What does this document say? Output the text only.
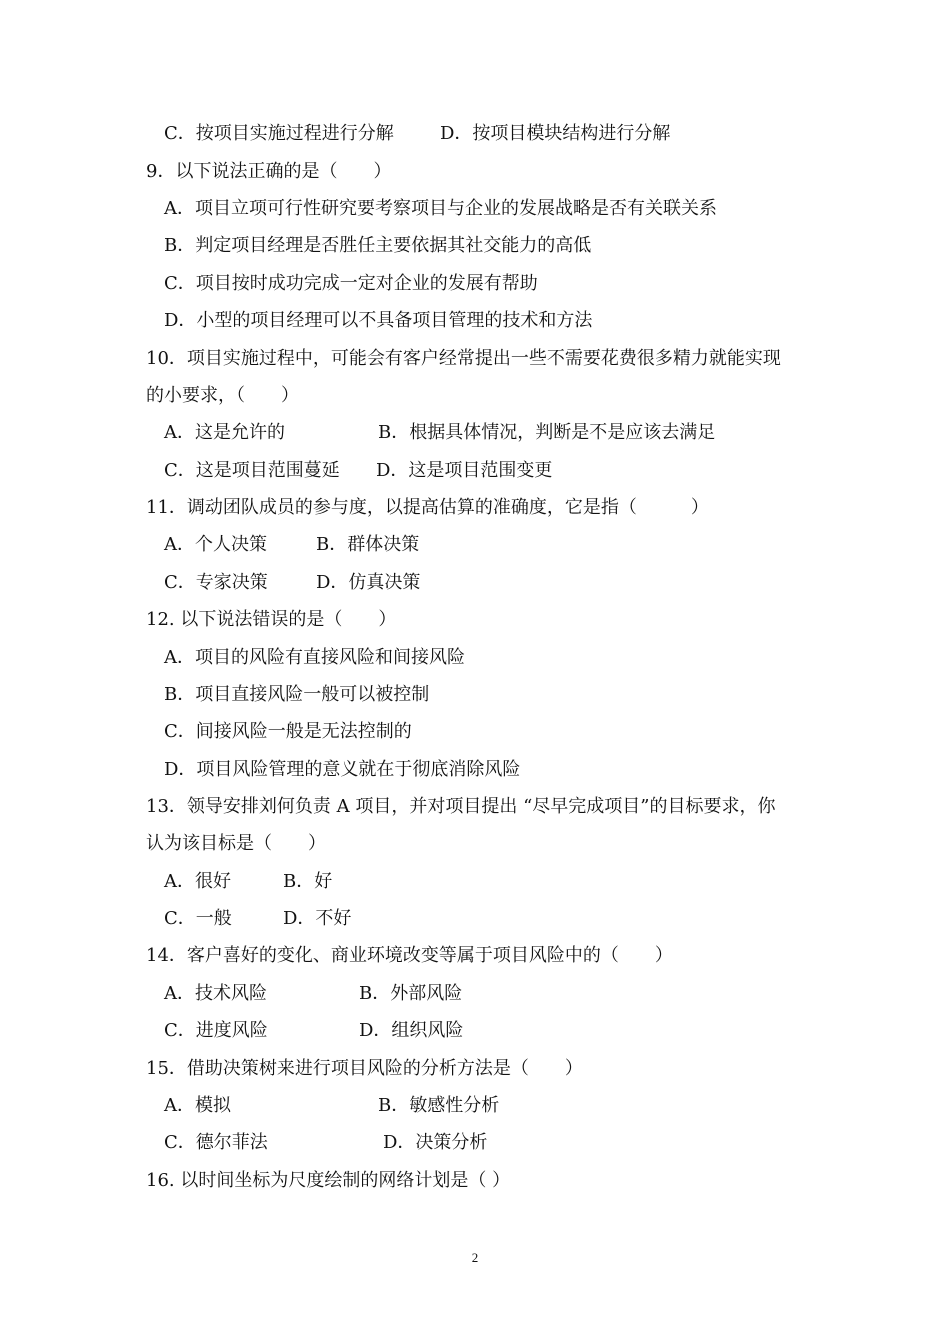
C．按项目实施过程进行分解	D．按项目模块结构进行分解
9．以下说法正确的是（　　）
A．项目立项可行性研究要考察项目与企业的发展战略是否有关联关系
B．判定项目经理是否胜任主要依据其社交能力的高低
C．项目按时成功完成一定对企业的发展有帮助
D．小型的项目经理可以不具备项目管理的技术和方法
10．项目实施过程中，可能会有客户经常提出一些不需要花费很多精力就能实现
的小要求，（　　）
A．这是允许的	B．根据具体情况，判断是不是应该去满足
C．这是项目范围蔓延 D．这是项目范围变更
11．调动团队成员的参与度，以提高估算的准确度，它是指（　　　）
A．个人决策	B．群体决策
C．专家决策	D．仿真决策
12. 以下说法错误的是（　　）
A．项目的风险有直接风险和间接风险
B．项目直接风险一般可以被控制
C．间接风险一般是无法控制的
D．项目风险管理的意义就在于彻底消除风险
13．领导安排刘何负责 A 项目，并对项目提出 “尽早完成项目”的目标要求，你
认为该目标是（　　）
A．很好	B．好
C．一般	D．不好
14．客户喜好的变化、商业环境改变等属于项目风险中的（　　）
A．技术风险	B．外部风险
C．进度风险	D．组织风险
15．借助决策树来进行项目风险的分析方法是（　　）
A．模拟	B．敏感性分析
C．德尔菲法	D．决策分析
16. 以时间坐标为尺度绘制的网络计划是（ ）
2
